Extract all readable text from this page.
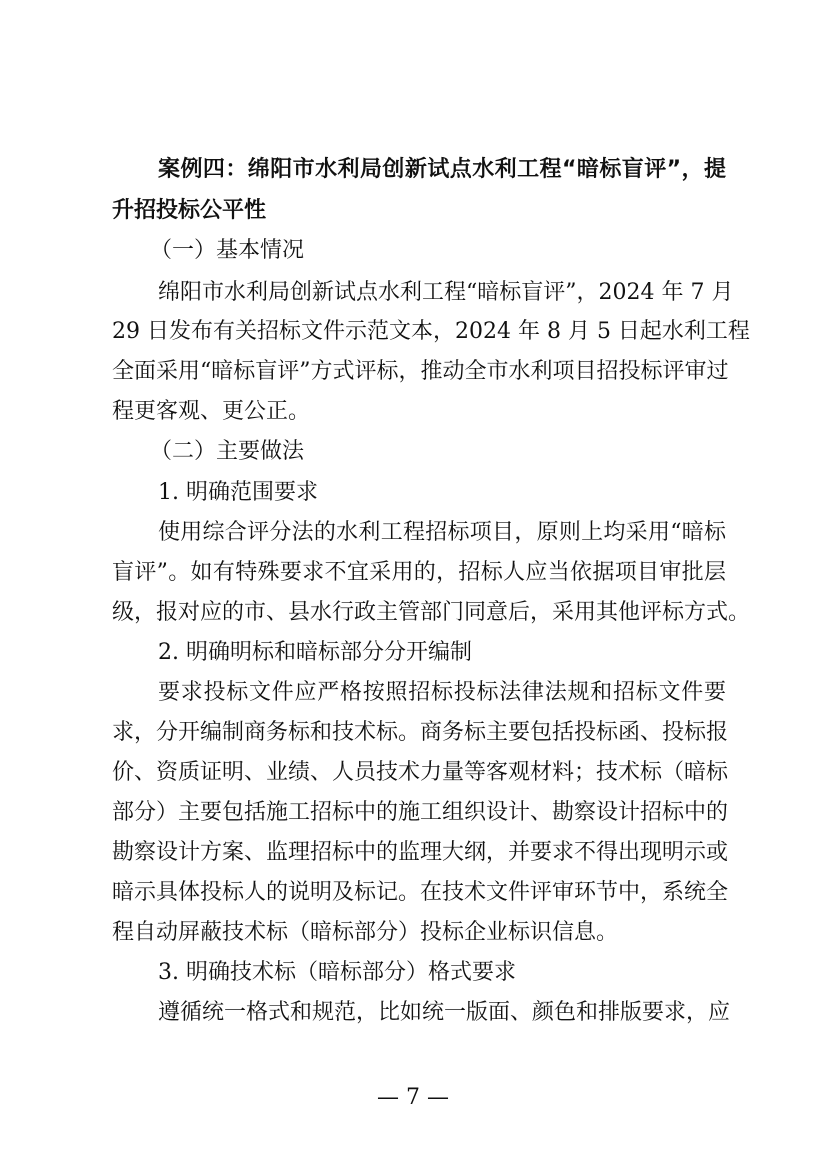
案例四：绵阳市水利局创新试点水利工程“暗标盲评”，提
升招投标公平性
（一）基本情况
绵阳市水利局创新试点水利工程“暗标盲评”，2024 年 7 月
29 日发布有关招标文件示范文本，2024 年 8 月 5 日起水利工程
全面采用“暗标盲评”方式评标，推动全市水利项目招投标评审过
程更客观、更公正。
（二）主要做法
1. 明确范围要求
使用综合评分法的水利工程招标项目，原则上均采用“暗标
盲评”。如有特殊要求不宜采用的，招标人应当依据项目审批层
级，报对应的市、县水行政主管部门同意后，采用其他评标方式。
2. 明确明标和暗标部分分开编制
要求投标文件应严格按照招标投标法律法规和招标文件要
求，分开编制商务标和技术标。商务标主要包括投标函、投标报
价、资质证明、业绩、人员技术力量等客观材料；技术标（暗标
部分）主要包括施工招标中的施工组织设计、勘察设计招标中的
勘察设计方案、监理招标中的监理大纲，并要求不得出现明示或
暗示具体投标人的说明及标记。在技术文件评审环节中，系统全
程自动屏蔽技术标（暗标部分）投标企业标识信息。
3. 明确技术标（暗标部分）格式要求
遵循统一格式和规范，比如统一版面、颜色和排版要求，应
— 7 —
